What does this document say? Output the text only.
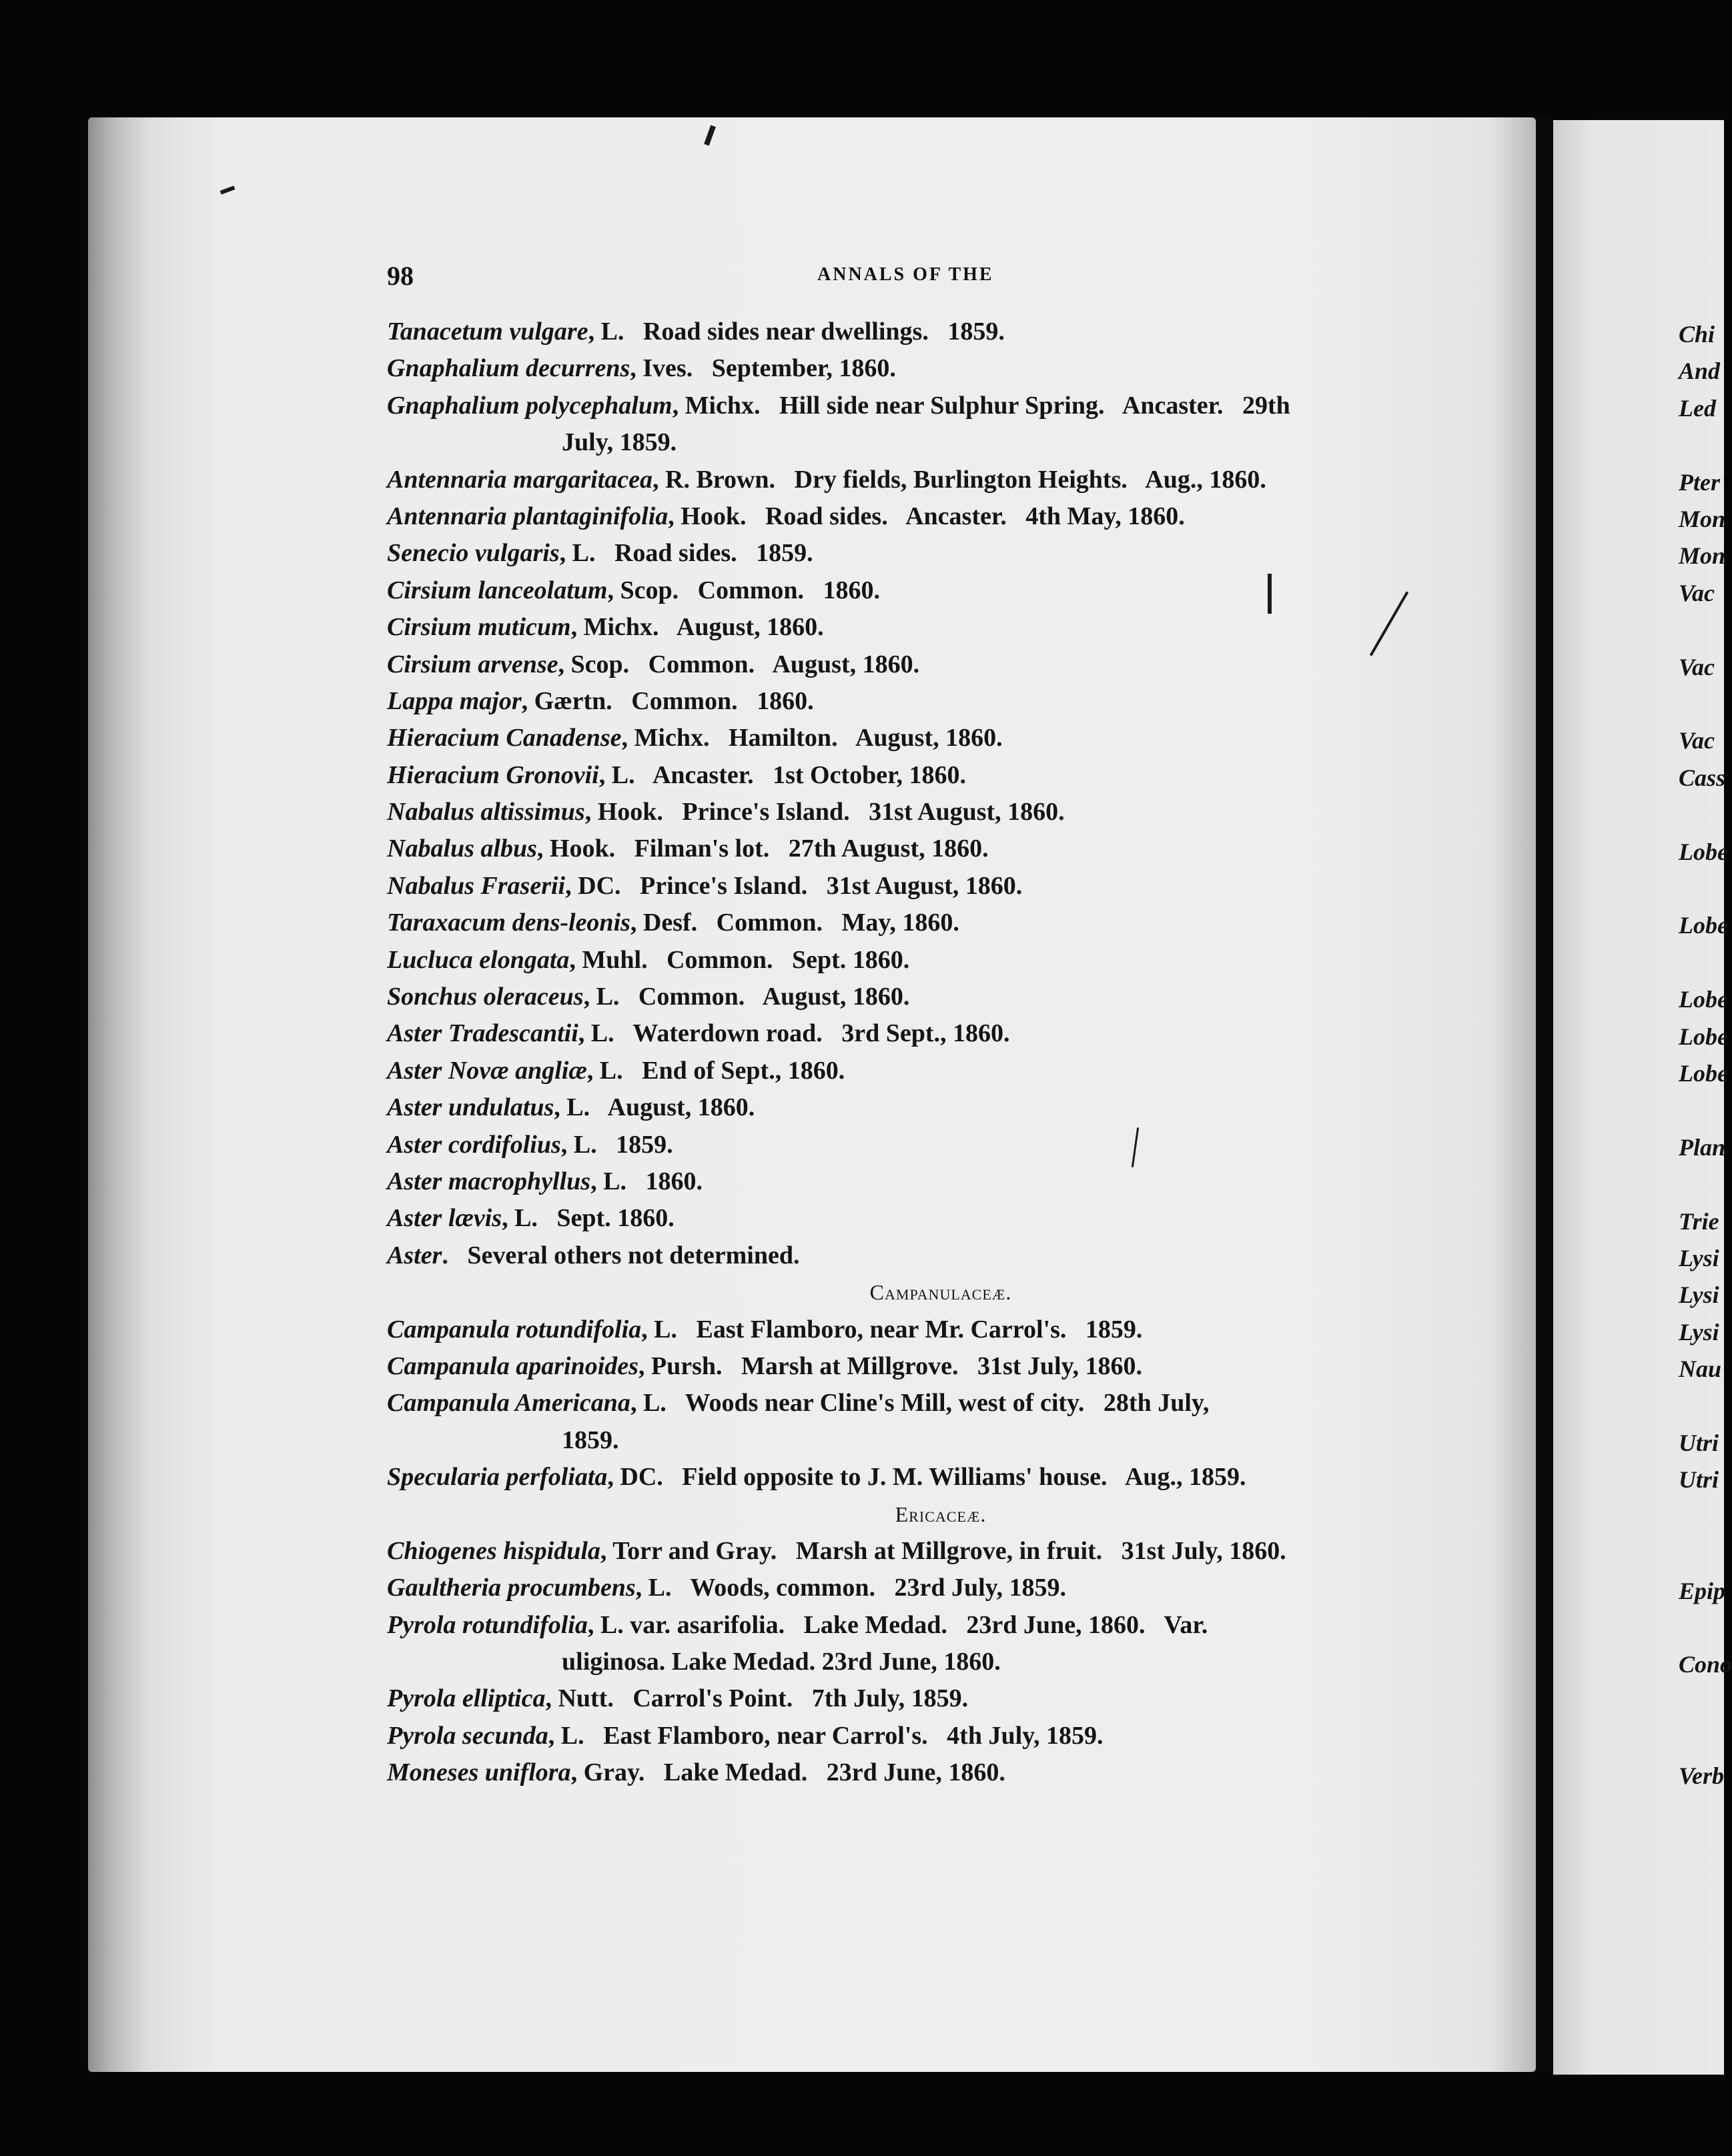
98	ANNALS OF THE
Tanacetum vulgare, L.   Road sides near dwellings.   1859.
Gnaphalium decurrens, Ives.   September, 1860.
Gnaphalium polycephalum, Michx.   Hill side near Sulphur Spring.   Ancaster.   29th
July, 1859.
Antennaria margaritacea, R. Brown.   Dry fields, Burlington Heights.   Aug., 1860.
Antennaria plantaginifolia, Hook.   Road sides.   Ancaster.   4th May, 1860.
Senecio vulgaris, L.   Road sides.   1859.
Cirsium lanceolatum, Scop.   Common.   1860.
Cirsium muticum, Michx.   August, 1860.
Cirsium arvense, Scop.   Common.   August, 1860.
Lappa major, Gærtn.   Common.   1860.
Hieracium Canadense, Michx.   Hamilton.   August, 1860.
Hieracium Gronovii, L.   Ancaster.   1st October, 1860.
Nabalus altissimus, Hook.   Prince's Island.   31st August, 1860.
Nabalus albus, Hook.   Filman's lot.   27th August, 1860.
Nabalus Fraserii, DC.   Prince's Island.   31st August, 1860.
Taraxacum dens-leonis, Desf.   Common.   May, 1860.
Lucluca elongata, Muhl.   Common.   Sept. 1860.
Sonchus oleraceus, L.   Common.   August, 1860.
Aster Tradescantii, L.   Waterdown road.   3rd Sept., 1860.
Aster Novæ angliæ, L.   End of Sept., 1860.
Aster undulatus, L.   August, 1860.
Aster cordifolius, L.   1859.
Aster macrophyllus, L.   1860.
Aster lævis, L.   Sept. 1860.
Aster.   Several others not determined.
Campanulaceæ.
Campanula rotundifolia, L.   East Flamboro, near Mr. Carrol's.   1859.
Campanula aparinoides, Pursh.   Marsh at Millgrove.   31st July, 1860.
Campanula Americana, L.   Woods near Cline's Mill, west of city.   28th July,
1859.
Specularia perfoliata, DC.   Field opposite to J. M. Williams' house.   Aug., 1859.
Ericaceæ.
Chiogenes hispidula, Torr and Gray.   Marsh at Millgrove, in fruit.   31st July, 1860.
Gaultheria procumbens, L.   Woods, common.   23rd July, 1859.
Pyrola rotundifolia, L. var. asarifolia.   Lake Medad.   23rd June, 1860.   Var.
uliginosa. Lake Medad. 23rd June, 1860.
Pyrola elliptica, Nutt.   Carrol's Point.   7th July, 1859.
Pyrola secunda, L.   East Flamboro, near Carrol's.   4th July, 1859.
Moneses uniflora, Gray.   Lake Medad.   23rd June, 1860.
Chi
And
Led
Pter
Mon
Mon
Vac
Vac
Vac
Cass
Lobe
Lobe
Lobe
Lobe
Lobe
Plan
Trie
Lysi
Lysi
Lysi
Nau
Utri
Utri
Epip
Cono
Verb
